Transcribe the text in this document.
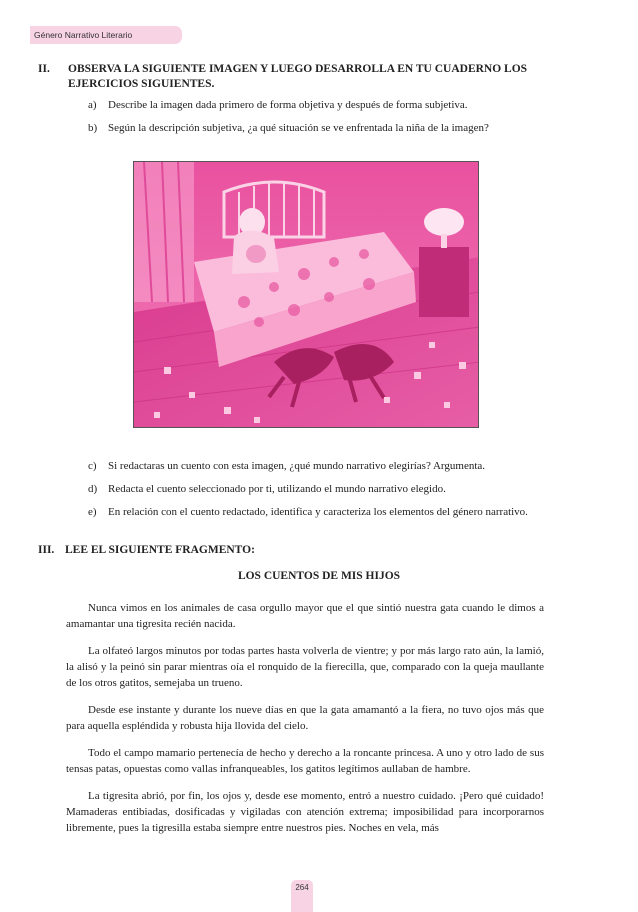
Género Narrativo Literario
II. OBSERVA LA SIGUIENTE IMAGEN Y LUEGO DESARROLLA EN TU CUADERNO LOS EJERCICIOS SIGUIENTES.
a) Describe la imagen dada primero de forma objetiva y después de forma subjetiva.
b) Según la descripción subjetiva, ¿a qué situación se ve enfrentada la niña de la imagen?
c) Si redactaras un cuento con esta imagen, ¿qué mundo narrativo elegirías? Argumenta.
d) Redacta el cuento seleccionado por ti, utilizando el mundo narrativo elegido.
e) En relación con el cuento redactado, identifica y caracteriza los elementos del género narrativo.
III. LEE EL SIGUIENTE FRAGMENTO:
LOS CUENTOS DE MIS HIJOS

Nunca vimos en los animales de casa orgullo mayor que el que sintió nuestra gata cuando le dimos a amamantar una tigresita recién nacida.

La olfateó largos minutos por todas partes hasta volverla de vientre; y por más largo rato aún, la lamió, la alisó y la peinó sin parar mientras oía el ronquido de la fierecilla, que, comparado con la queja maullante de los otros gatitos, semejaba un trueno.

Desde ese instante y durante los nueve días en que la gata amamantó a la fiera, no tuvo ojos más que para aquella espléndida y robusta hija llovida del cielo.

Todo el campo mamario pertenecía de hecho y derecho a la roncante princesa. A uno y otro lado de sus tensas patas, opuestas como vallas infranqueables, los gatitos legítimos aullaban de hambre.

La tigresita abrió, por fin, los ojos y, desde ese momento, entró a nuestro cuidado. ¡Pero qué cuidado! Mamaderas entibiadas, dosificadas y vigiladas con atención extrema; imposibilidad para incorporarnos libremente, pues la tigresilla estaba siempre entre nuestros pies. Noches en vela, más

264
